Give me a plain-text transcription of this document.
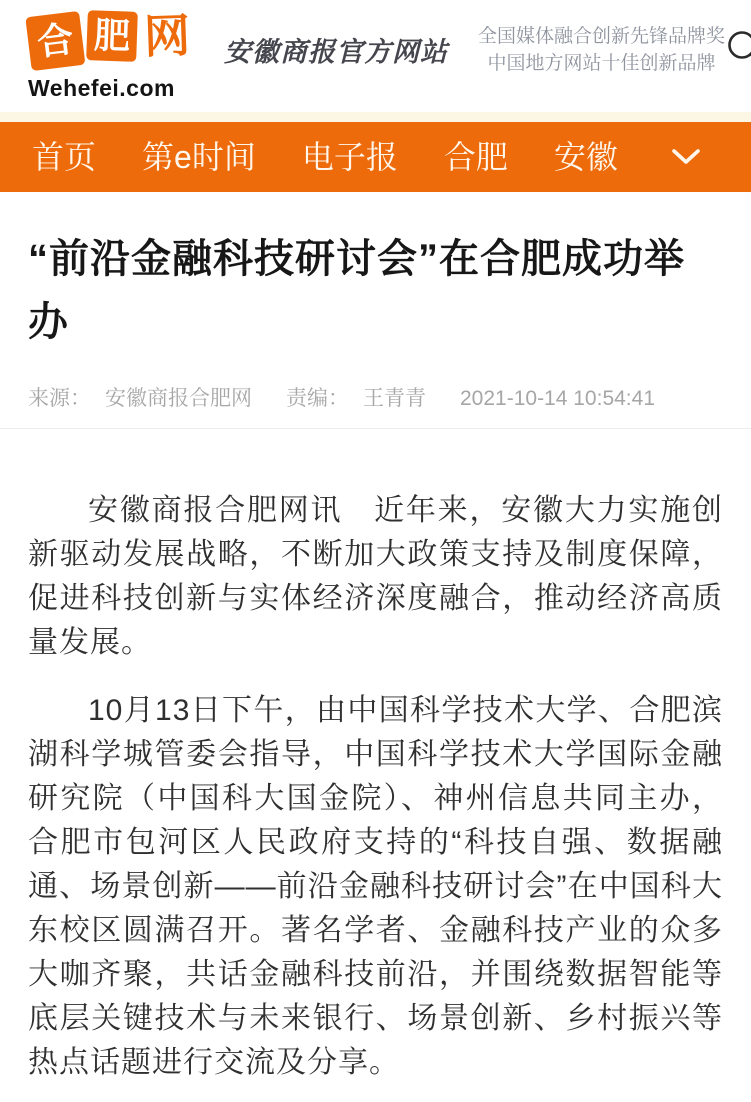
合 肥 网
Wehefei.com
安徽商报官方网站 全国媒体融合创新先锋品牌奖
中国地方网站十佳创新品牌
首页 第e时间 电子报 合肥 安徽
“前沿金融科技研讨会”在合肥成功举办
来源： 安徽商报合肥网 责编： 王青青 2021-10-14 10:54:41

安徽商报合肥网讯　近年来，安徽大力实施创新驱动发展战略，不断加大政策支持及制度保障，促进科技创新与实体经济深度融合，推动经济高质量发展。

10月13日下午，由中国科学技术大学、合肥滨湖科学城管委会指导，中国科学技术大学国际金融研究院（中国科大国金院）、神州信息共同主办，合肥市包河区人民政府支持的“科技自强、数据融通、场景创新——前沿金融科技研讨会”在中国科大东校区圆满召开。著名学者、金融科技产业的众多大咖齐聚，共话金融科技前沿，并围绕数据智能等底层关键技术与未来银行、场景创新、乡村振兴等热点话题进行交流及分享。
